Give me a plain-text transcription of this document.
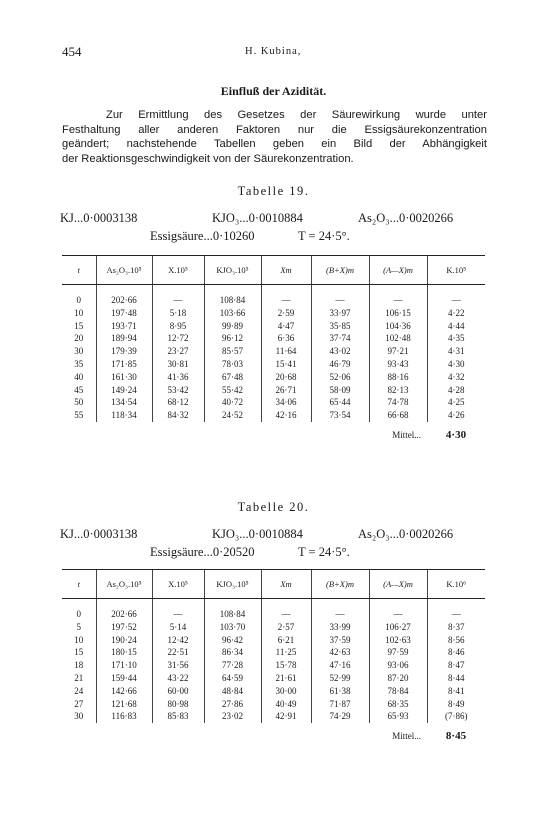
454	H. Kubina,
Einfluß der Azidität.
Zur Ermittlung des Gesetzes der Säurewirkung wurde unter
Festhaltung aller anderen Faktoren nur die Essigsäurekonzentration
geändert; nachstehende Tabellen geben ein Bild der Abhängigkeit
der Reaktionsgeschwindigkeit von der Säurekonzentration.
Tabelle 19.
KJ...0·0003138	KJO₃...0·0010884	As₂O₃...0·0020266
Essigsäure...0·10260	T = 24·5°.
t	As₂O₃.10⁵	X.10⁵	KJO₃.10⁵	Xm	(B+X)m	(A—X)m	K.10⁵

0	202·66	—	108·84	—	—	—	—
10	197·48	5·18	103·66	2·59	33·97	106·15	4·22
15	193·71	8·95	99·89	4·47	35·85	104·36	4·44
20	189·94	12·72	96·12	6·36	37·74	102·48	4·35
30	179·39	23·27	85·57	11·64	43·02	97·21	4·31
35	171·85	30·81	78·03	15·41	46·79	93·43	4·30
40	161·30	41·36	67·48	20·68	52·06	88·16	4·32
45	149·24	53·42	55·42	26·71	58·09	82·13	4·28
50	134·54	68·12	40·72	34·06	65·44	74·78	4·25
55	118·34	84·32	24·52	42·16	73·54	66·68	4·26
Mittel...							4·30
Tabelle 20.
KJ...0·0003138	KJO₃...0·0010884	As₂O₃...0·0020266
Essigsäure...0·20520	T = 24·5°.
t	As₂O₃.10⁵	X.10⁵	KJO₃.10⁵	Xm	(B+X)m	(A—X)m	K.10⁶

0	202·66	—	108·84	—	—	—	—
5	197·52	5·14	103·70	2·57	33·99	106·27	8·37
10	190·24	12·42	96·42	6·21	37·59	102·63	8·56
15	180·15	22·51	86·34	11·25	42·63	97·59	8·46
18	171·10	31·56	77·28	15·78	47·16	93·06	8·47
21	159·44	43·22	64·59	21·61	52·99	87·20	8·44
24	142·66	60·00	48·84	30·00	61·38	78·84	8·41
27	121·68	80·98	27·86	40·49	71·87	68·35	8·49
30	116·83	85·83	23·02	42·91	74·29	65·93	(7·86)
Mittel...							8·45
